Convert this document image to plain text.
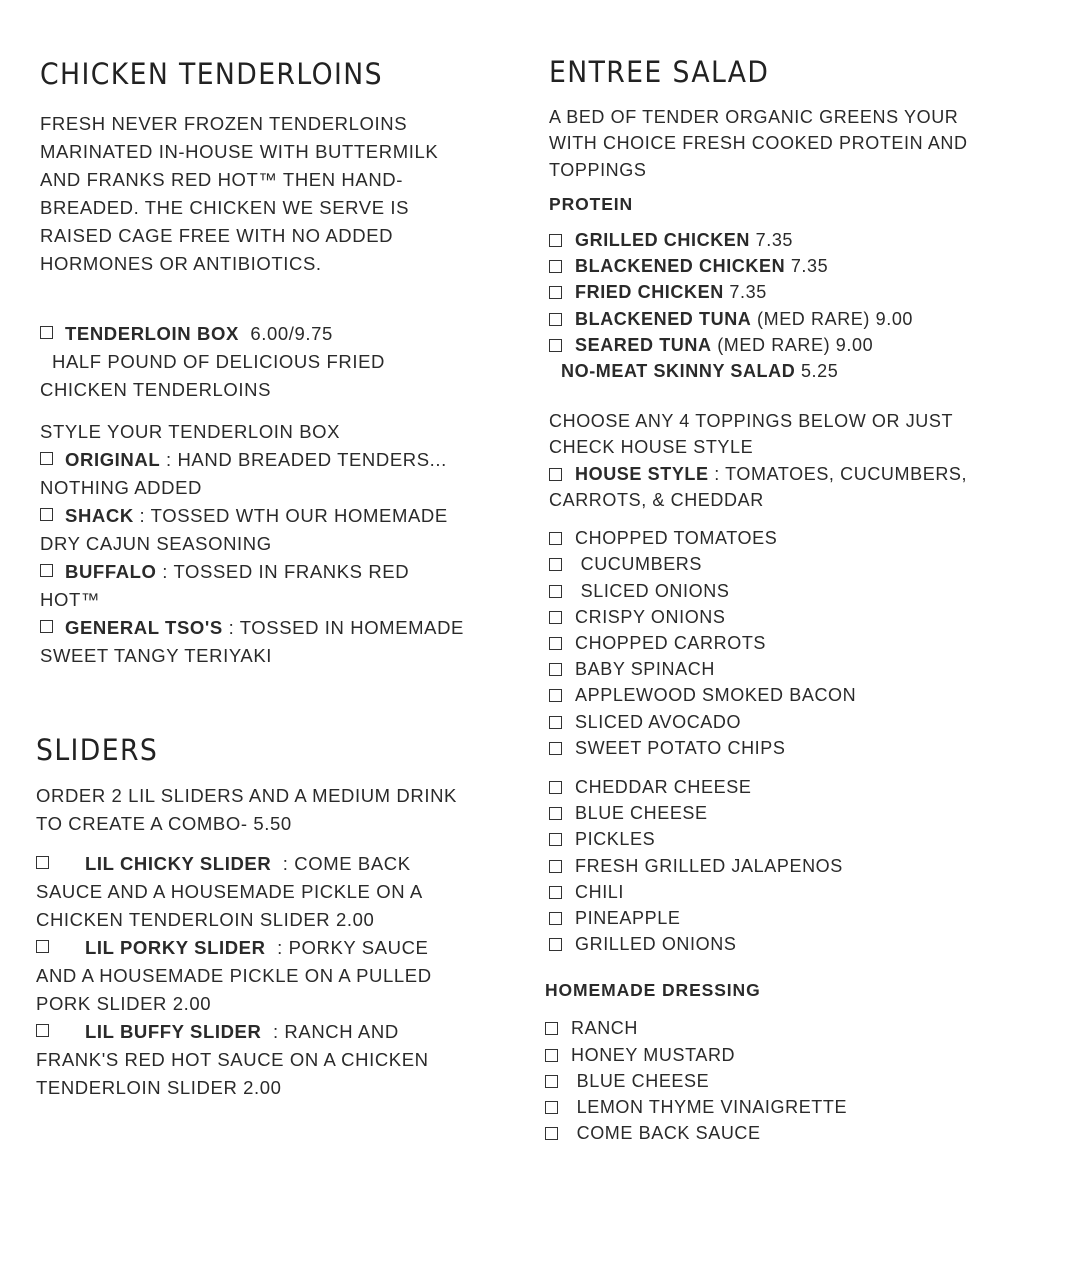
CHICKEN TENDERLOINS

FRESH NEVER FROZEN TENDERLOINS

MARINATED IN-HOUSE WITH BUTTERMILK

AND FRANKS RED HOT™ THEN HAND-

BREADED. THE CHICKEN WE SERVE IS

RAISED CAGE FREE WITH NO ADDED

HORMONES OR ANTIBIOTICS.

TENDERLOIN BOX 6.00/9.75

HALF POUND OF DELICIOUS FRIED

CHICKEN TENDERLOINS

STYLE YOUR TENDERLOIN BOX

ORIGINAL : HAND BREADED TENDERS...

NOTHING ADDED

SHACK : TOSSED WTH OUR HOMEMADE

DRY CAJUN SEASONING

BUFFALO : TOSSED IN FRANKS RED

HOT™

GENERAL TSO'S : TOSSED IN HOMEMADE

SWEET TANGY TERIYAKI

SLIDERS

ORDER 2 LIL SLIDERS AND A MEDIUM DRINK

TO CREATE A COMBO- 5.50

LIL CHICKY SLIDER  : COME BACK

SAUCE AND A HOUSEMADE PICKLE ON A

CHICKEN TENDERLOIN SLIDER 2.00

LIL PORKY SLIDER  : PORKY SAUCE

AND A HOUSEMADE PICKLE ON A PULLED

PORK SLIDER 2.00

LIL BUFFY SLIDER  : RANCH AND

FRANK'S RED HOT SAUCE ON A CHICKEN

TENDERLOIN SLIDER 2.00

ENTREE SALAD

A BED OF TENDER ORGANIC GREENS YOUR

WITH CHOICE FRESH COOKED PROTEIN AND

TOPPINGS

PROTEIN
GRILLED CHICKEN 7.35
BLACKENED CHICKEN 7.35
FRIED CHICKEN 7.35
BLACKENED TUNA (MED RARE) 9.00
SEARED TUNA (MED RARE) 9.00
NO-MEAT SKINNY SALAD 5.25

CHOOSE ANY 4 TOPPINGS BELOW OR JUST

CHECK HOUSE STYLE

HOUSE STYLE : TOMATOES, CUCUMBERS,

CARROTS, & CHEDDAR

CHOPPED TOMATOES
CUCUMBERS
SLICED ONIONS
CRISPY ONIONS
CHOPPED CARROTS
BABY SPINACH
APPLEWOOD SMOKED BACON
SLICED AVOCADO
SWEET POTATO CHIPS
CHEDDAR CHEESE
BLUE CHEESE
PICKLES
FRESH GRILLED JALAPENOS
CHILI
PINEAPPLE
GRILLED ONIONS
HOMEMADE DRESSING
RANCH
HONEY MUSTARD
BLUE CHEESE
LEMON THYME VINAIGRETTE
COME BACK SAUCE
